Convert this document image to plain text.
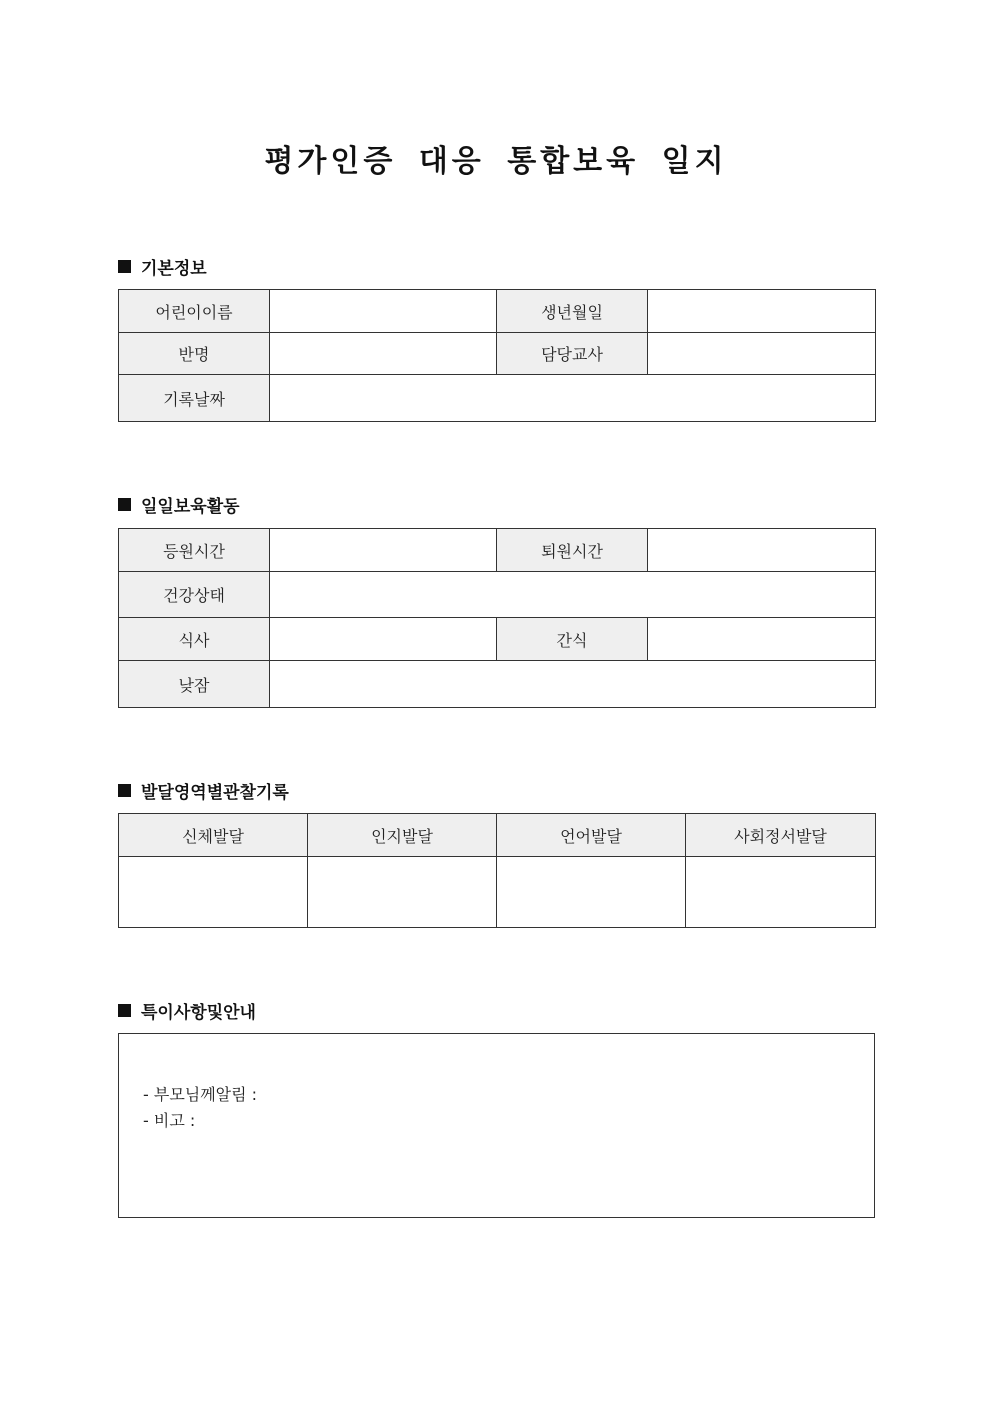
평가인증 대응 통합보육 일지
기본정보
어린이이름		생년월일	
반명		담당교사	
기록날짜			
일일보육활동
등원시간		퇴원시간	
건강상태			
식사		간식	
낮잠			
발달영역별관찰기록
신체발달	인지발달	언어발달	사회정서발달

특이사항및안내
- 부모님께알림 :
- 비고 :
